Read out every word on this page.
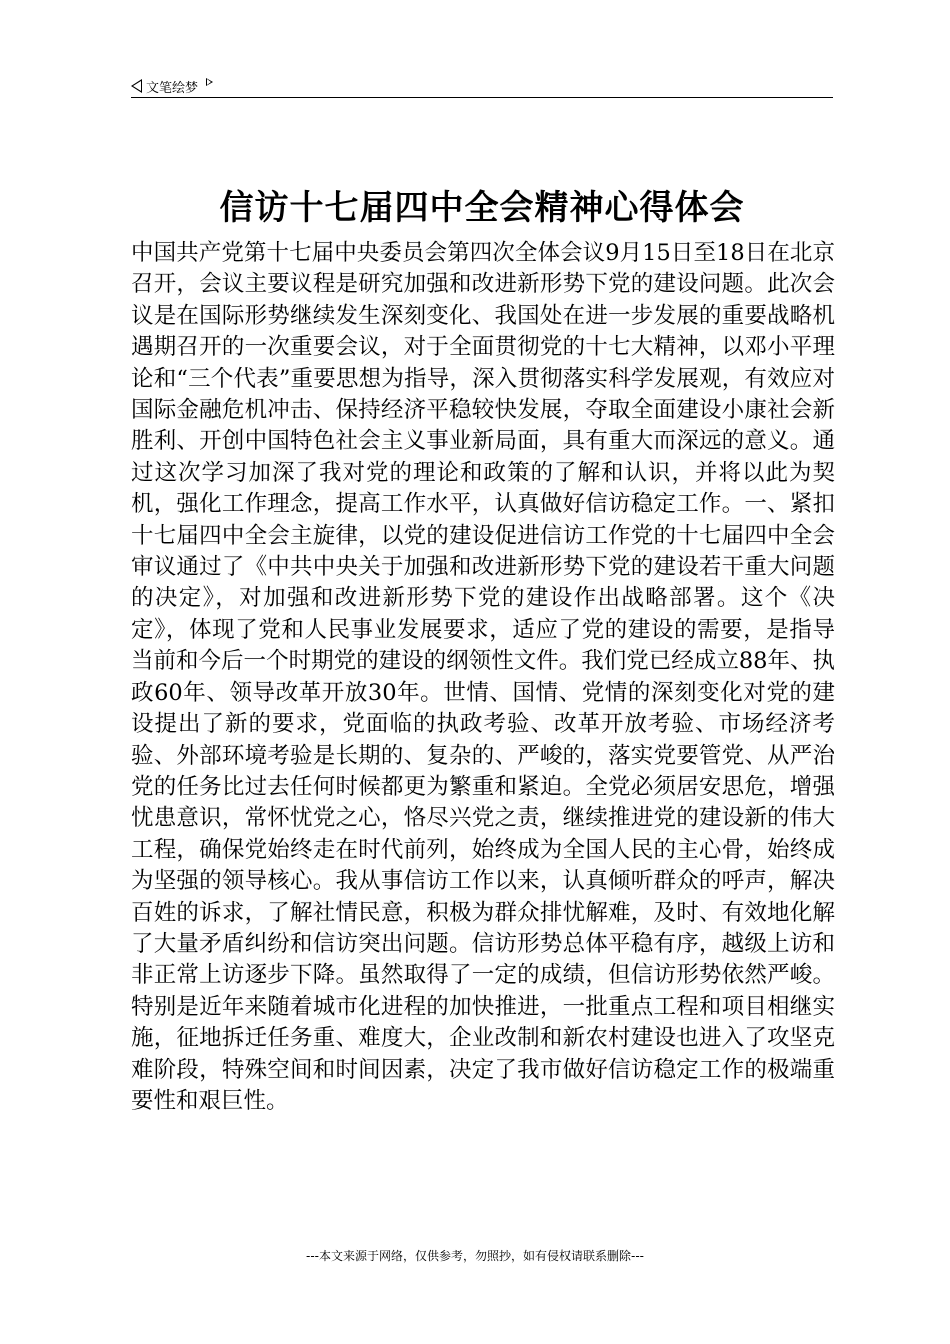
文笔绘梦
信访十七届四中全会精神心得体会

中国共产党第十七届中央委员会第四次全体会议9月15日至18日在北京召开，会议主要议程是研究加强和改进新形势下党的建设问题。此次会议是在国际形势继续发生深刻变化、我国处在进一步发展的重要战略机遇期召开的一次重要会议，对于全面贯彻党的十七大精神，以邓小平理论和“三个代表”重要思想为指导，深入贯彻落实科学发展观，有效应对国际金融危机冲击、保持经济平稳较快发展，夺取全面建设小康社会新胜利、开创中国特色社会主义事业新局面，具有重大而深远的意义。通过这次学习加深了我对党的理论和政策的了解和认识，并将以此为契机，强化工作理念，提高工作水平，认真做好信访稳定工作。一、紧扣十七届四中全会主旋律，以党的建设促进信访工作党的十七届四中全会审议通过了《中共中央关于加强和改进新形势下党的建设若干重大问题的决定》，对加强和改进新形势下党的建设作出战略部署。这个《决定》，体现了党和人民事业发展要求，适应了党的建设的需要，是指导当前和今后一个时期党的建设的纲领性文件。我们党已经成立88年、执政60年、领导改革开放30年。世情、国情、党情的深刻变化对党的建设提出了新的要求，党面临的执政考验、改革开放考验、市场经济考验、外部环境考验是长期的、复杂的、严峻的，落实党要管党、从严治党的任务比过去任何时候都更为繁重和紧迫。全党必须居安思危，增强忧患意识，常怀忧党之心，恪尽兴党之责，继续推进党的建设新的伟大工程，确保党始终走在时代前列，始终成为全国人民的主心骨，始终成为坚强的领导核心。我从事信访工作以来，认真倾听群众的呼声，解决百姓的诉求，了解社情民意，积极为群众排忧解难，及时、有效地化解了大量矛盾纠纷和信访突出问题。信访形势总体平稳有序，越级上访和非正常上访逐步下降。虽然取得了一定的成绩，但信访形势依然严峻。特别是近年来随着城市化进程的加快推进，一批重点工程和项目相继实施，征地拆迁任务重、难度大，企业改制和新农村建设也进入了攻坚克难阶段，特殊空间和时间因素，决定了我市做好信访稳定工作的极端重要性和艰巨性。

---本文来源于网络，仅供参考，勿照抄，如有侵权请联系删除---
